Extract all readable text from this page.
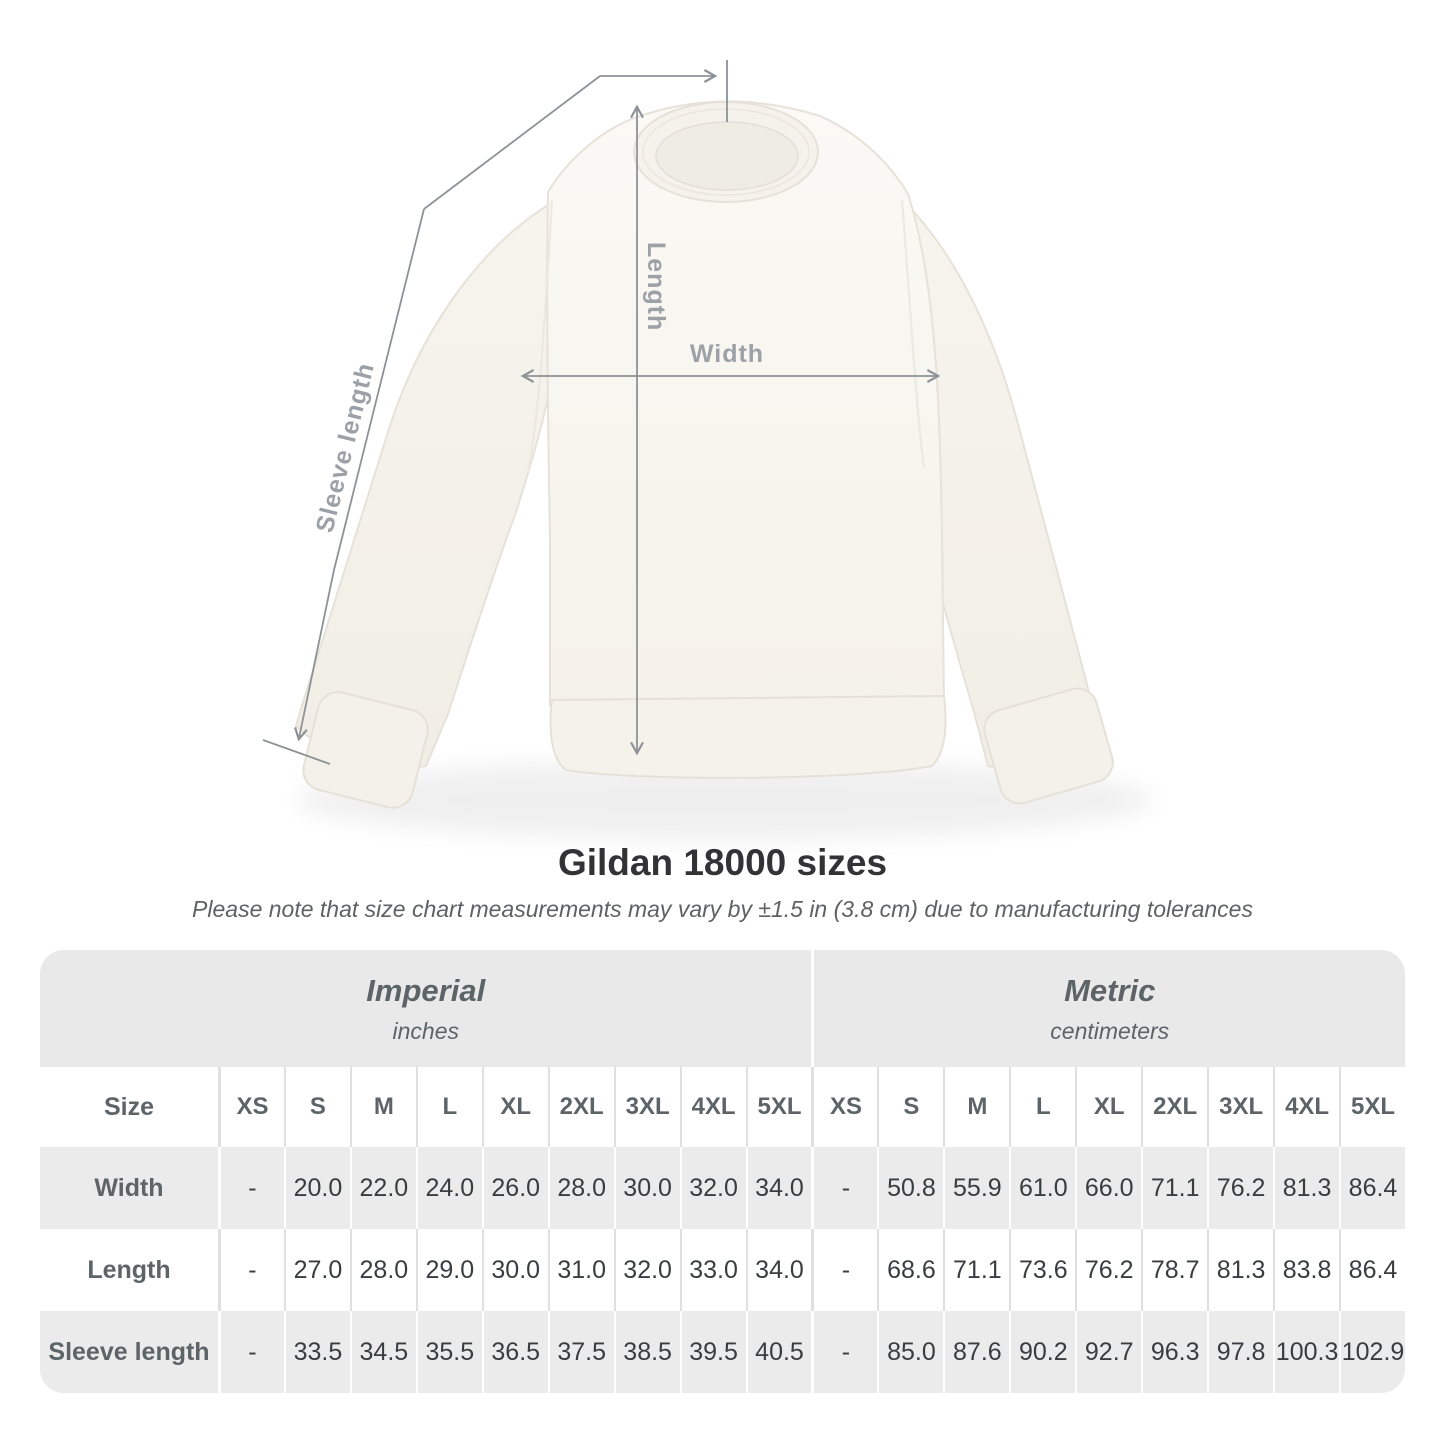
Length
Width
Sleeve length
Gildan 18000 sizes
Please note that size chart measurements may vary by ±1.5 in (3.8 cm) due to manufacturing tolerances
Imperial
inches
Metric
centimeters
Size	XS	S	M	L	XL	2XL 3XL 4XL 5XL	XS	S	M	L	XL	2XL 3XL 4XL 5XL
Width	-	20.0 22.0 24.0 26.0 28.0 30.0 32.0 34.0	-	50.8 55.9 61.0 66.0 71.1 76.2 81.3 86.4
Length	-	27.0 28.0 29.0 30.0 31.0 32.0 33.0 34.0	-	68.6 71.1 73.6 76.2 78.7 81.3 83.8 86.4
Sleeve length	-	33.5 34.5 35.5 36.5 37.5 38.5 39.5 40.5	-	85.0 87.6 90.2 92.7 96.3 97.8 100.3 102.9
